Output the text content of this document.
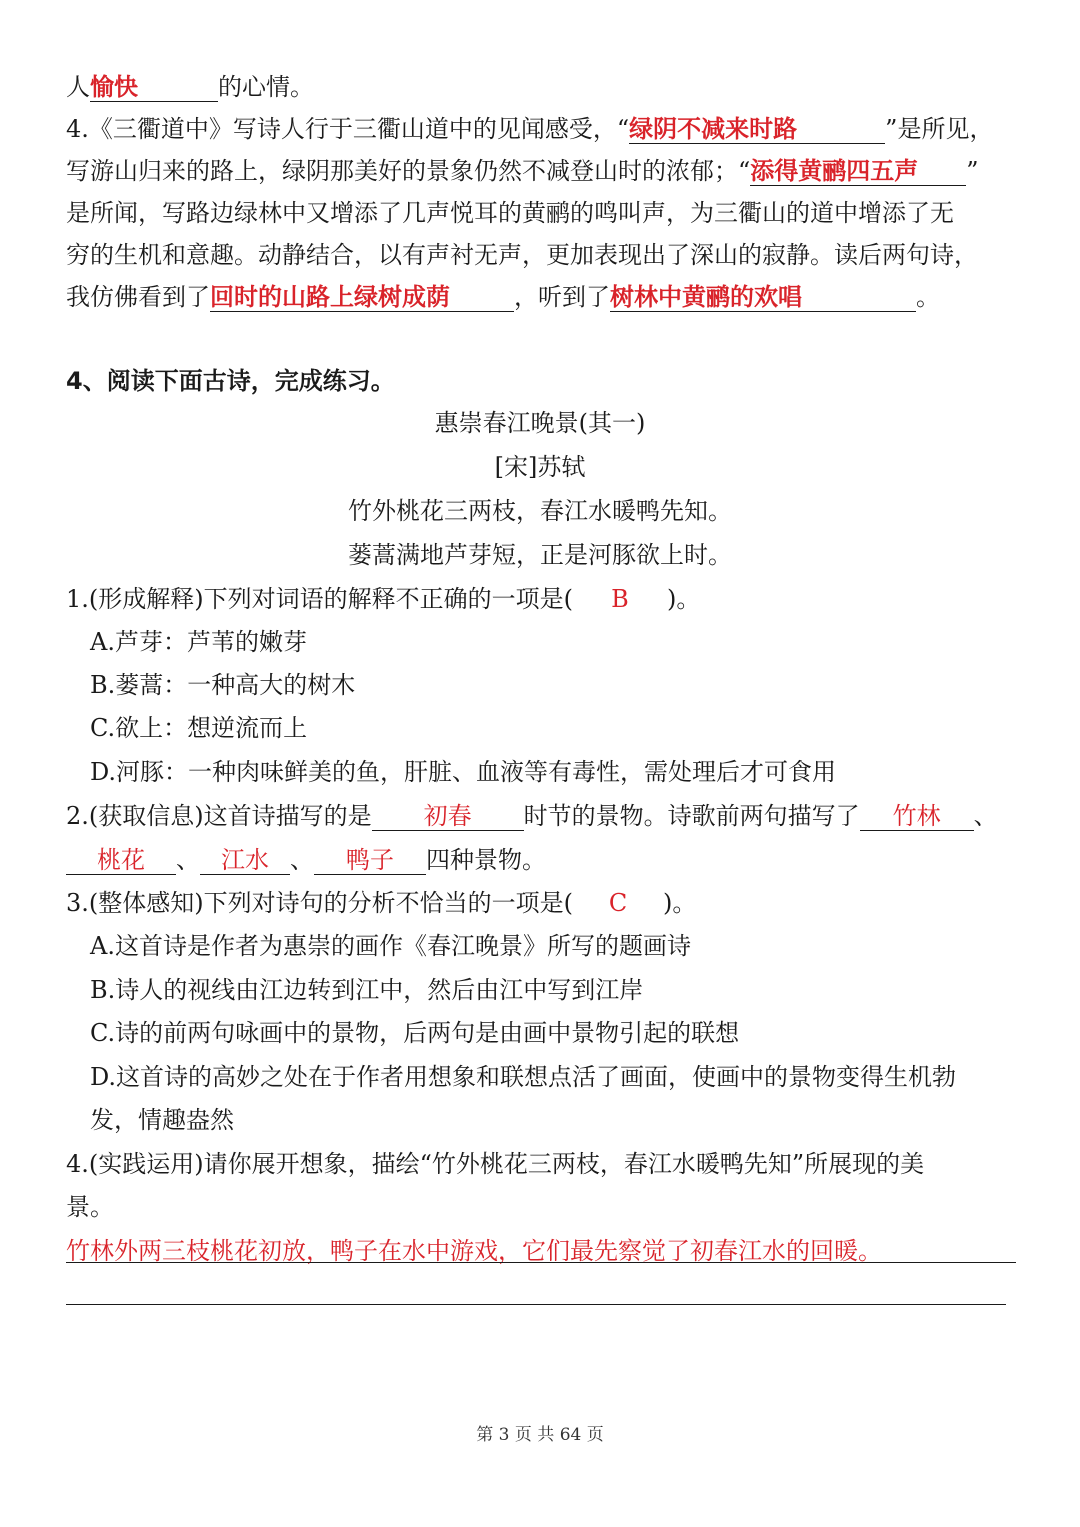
人愉快	的心情。
4.《三衢道中》写诗人行于三衢山道中的见闻感受，“绿阴不减来时路	”是所见，
写游山归来的路上，绿阴那美好的景象仍然不减登山时的浓郁；“添得黄鹂四五声 ”
是所闻，写路边绿林中又增添了几声悦耳的黄鹂的鸣叫声，为三衢山的道中增添了无
穷的生机和意趣。动静结合，以有声衬无声，更加表现出了深山的寂静。读后两句诗，
我仿佛看到了回时的山路上绿树成荫	，听到了树林中黄鹂的欢唱	。
4、阅读下面古诗，完成练习。
惠崇春江晚景(其一)
[宋]苏轼
竹外桃花三两枝，春江水暖鸭先知。
蒌蒿满地芦芽短，正是河豚欲上时。
1.(形成解释)下列对词语的解释不正确的一项是( B )。
A.芦芽：芦苇的嫩芽
B.蒌蒿：一种高大的树木
C.欲上：想逆流而上
D.河豚：一种肉味鲜美的鱼，肝脏、血液等有毒性，需处理后才可食用
2.(获取信息)这首诗描写的是 初春 时节的景物。诗歌前两句描写了 竹林 、
桃花 、 江水 、 鸭子 四种景物。
3.(整体感知)下列对诗句的分析不恰当的一项是( C )。
A.这首诗是作者为惠崇的画作《春江晚景》所写的题画诗
B.诗人的视线由江边转到江中，然后由江中写到江岸
C.诗的前两句咏画中的景物，后两句是由画中景物引起的联想
D.这首诗的高妙之处在于作者用想象和联想点活了画面，使画中的景物变得生机勃
发，情趣盎然
4.(实践运用)请你展开想象，描绘“竹外桃花三两枝，春江水暖鸭先知”所展现的美
景。
竹林外两三枝桃花初放，鸭子在水中游戏，它们最先察觉了初春江水的回暖。
第 3 页 共 64 页
